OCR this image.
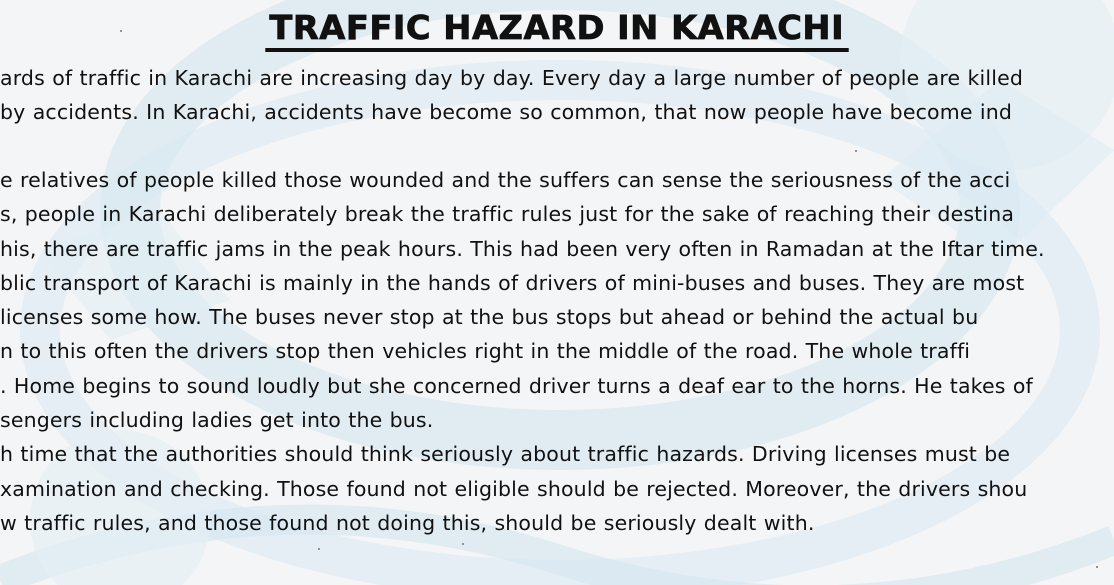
TRAFFIC HAZARD IN KARACHI
ards of traffic in Karachi are increasing day by day. Every day a large number of people are killed
by accidents. In Karachi, accidents have become so common, that now people have become ind
e relatives of people killed those wounded and the suffers can sense the seriousness of the acci
s, people in Karachi deliberately break the traffic rules just for the sake of reaching their destina
his, there are traffic jams in the peak hours. This had been very often in Ramadan at the Iftar time.
blic transport of Karachi is mainly in the hands of drivers of mini-buses and buses. They are most
licenses some how. The buses never stop at the bus stops but ahead or behind the actual bu
n to this often the drivers stop then vehicles right in the middle of the road. The whole traffi
. Home begins to sound loudly but she concerned driver turns a deaf ear to the horns. He takes of
sengers including ladies get into the bus.
h time that the authorities should think seriously about traffic hazards. Driving licenses must be
xamination and checking. Those found not eligible should be rejected. Moreover, the drivers shou
w traffic rules, and those found not doing this, should be seriously dealt with.
